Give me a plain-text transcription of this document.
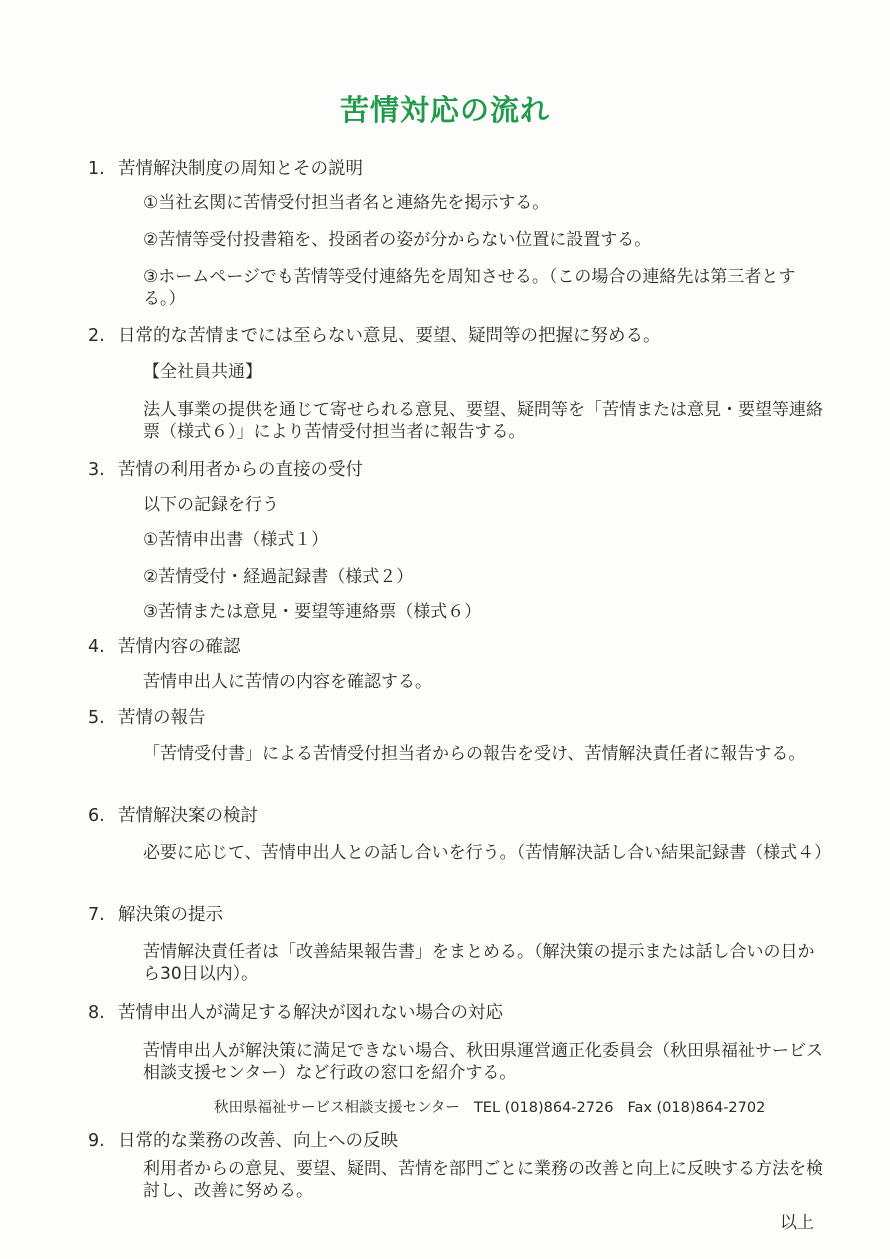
苦情対応の流れ
1. 苦情解決制度の周知とその説明
①当社玄関に苦情受付担当者名と連絡先を掲示する。
②苦情等受付投書箱を、投函者の姿が分からない位置に設置する。
③ホームページでも苦情等受付連絡先を周知させる。（この場合の連絡先は第三者とする。）
2. 日常的な苦情までには至らない意見、要望、疑問等の把握に努める。
【全社員共通】
法人事業の提供を通じて寄せられる意見、要望、疑問等を「苦情または意見・要望等連絡票（様式６）」により苦情受付担当者に報告する。
3. 苦情の利用者からの直接の受付
以下の記録を行う
①苦情申出書（様式１）
②苦情受付・経過記録書（様式２）
③苦情または意見・要望等連絡票（様式６）
4. 苦情内容の確認
苦情申出人に苦情の内容を確認する。
5. 苦情の報告
「苦情受付書」による苦情受付担当者からの報告を受け、苦情解決責任者に報告する。
6. 苦情解決案の検討
必要に応じて、苦情申出人との話し合いを行う。（苦情解決話し合い結果記録書（様式４）
7. 解決策の提示
苦情解決責任者は「改善結果報告書」をまとめる。（解決策の提示または話し合いの日から30日以内）。
8. 苦情申出人が満足する解決が図れない場合の対応
苦情申出人が解決策に満足できない場合、秋田県運営適正化委員会（秋田県福祉サービス相談支援センター）など行政の窓口を紹介する。
秋田県福祉サービス相談支援センター TEL (018)864-2726 Fax (018)864-2702
9. 日常的な業務の改善、向上への反映
利用者からの意見、要望、疑問、苦情を部門ごとに業務の改善と向上に反映する方法を検討し、改善に努める。
以上
